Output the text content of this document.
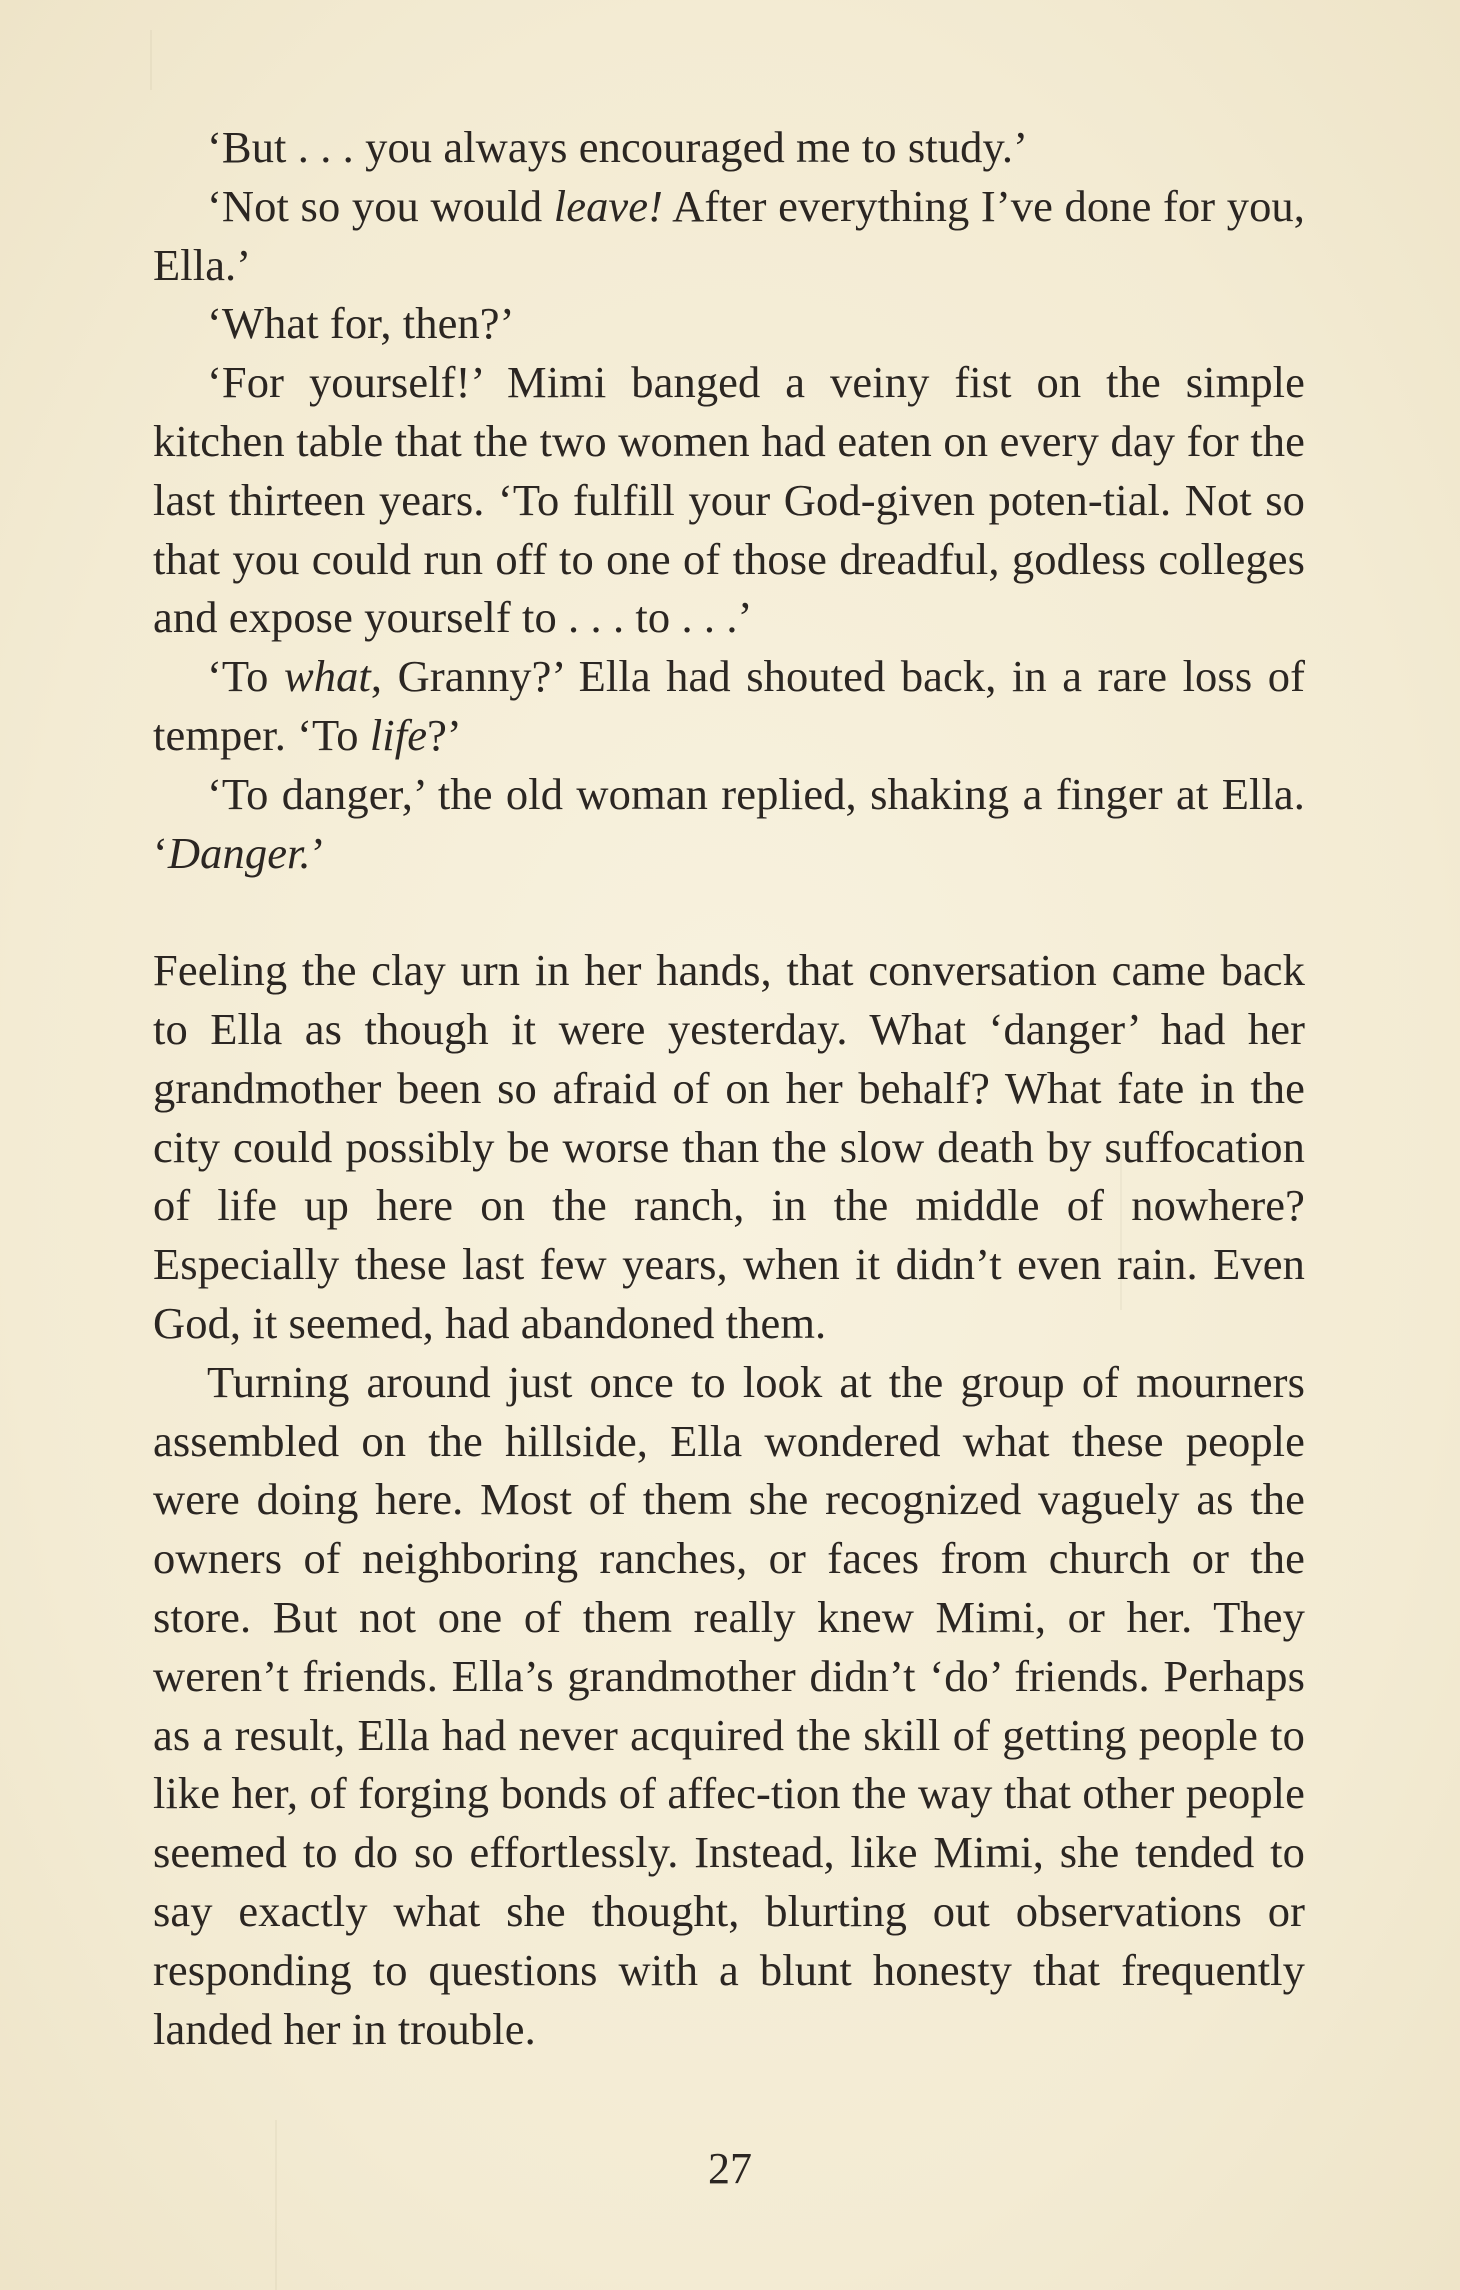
‘But . . . you always encouraged me to study.’

‘Not so you would leave! After everything I’ve done for you, Ella.’

‘What for, then?’

‘For yourself!’ Mimi banged a veiny fist on the simple kitchen table that the two women had eaten on every day for the last thirteen years. ‘To fulfill your God-given poten-tial. Not so that you could run off to one of those dreadful, godless colleges and expose yourself to . . . to . . .’

‘To what, Granny?’ Ella had shouted back, in a rare loss of temper. ‘To life?’

‘To danger,’ the old woman replied, shaking a finger at Ella. ‘Danger.’

Feeling the clay urn in her hands, that conversation came back to Ella as though it were yesterday. What ‘danger’ had her grandmother been so afraid of on her behalf? What fate in the city could possibly be worse than the slow death by suffocation of life up here on the ranch, in the middle of nowhere? Especially these last few years, when it didn’t even rain. Even God, it seemed, had abandoned them.

Turning around just once to look at the group of mourners assembled on the hillside, Ella wondered what these people were doing here. Most of them she recognized vaguely as the owners of neighboring ranches, or faces from church or the store. But not one of them really knew Mimi, or her. They weren’t friends. Ella’s grandmother didn’t ‘do’ friends. Perhaps as a result, Ella had never acquired the skill of getting people to like her, of forging bonds of affec-tion the way that other people seemed to do so effortlessly. Instead, like Mimi, she tended to say exactly what she thought, blurting out observations or responding to questions with a blunt honesty that frequently landed her in trouble.

27
